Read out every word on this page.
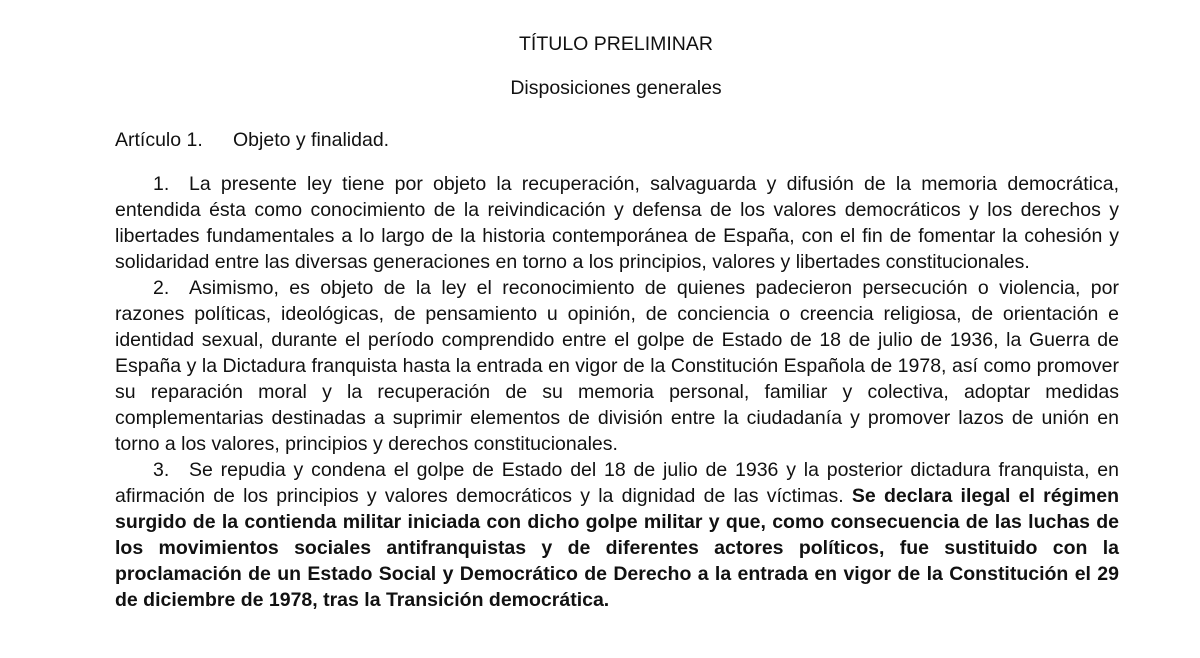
TÍTULO PRELIMINAR
Disposiciones generales
Artículo 1. Objeto y finalidad.

1. La presente ley tiene por objeto la recuperación, salvaguarda y difusión de la memoria democrática, entendida ésta como conocimiento de la reivindicación y defensa de los valores democráticos y los derechos y libertades fundamentales a lo largo de la historia contemporánea de España, con el fin de fomentar la cohesión y solidaridad entre las diversas generaciones en torno a los principios, valores y libertades constitucionales.

2. Asimismo, es objeto de la ley el reconocimiento de quienes padecieron persecución o violencia, por razones políticas, ideológicas, de pensamiento u opinión, de conciencia o creencia religiosa, de orientación e identidad sexual, durante el período comprendido entre el golpe de Estado de 18 de julio de 1936, la Guerra de España y la Dictadura franquista hasta la entrada en vigor de la Constitución Española de 1978, así como promover su reparación moral y la recuperación de su memoria personal, familiar y colectiva, adoptar medidas complementarias destinadas a suprimir elementos de división entre la ciudadanía y promover lazos de unión en torno a los valores, principios y derechos constitucionales.

3. Se repudia y condena el golpe de Estado del 18 de julio de 1936 y la posterior dictadura franquista, en afirmación de los principios y valores democráticos y la dignidad de las víctimas. Se declara ilegal el régimen surgido de la contienda militar iniciada con dicho golpe militar y que, como consecuencia de las luchas de los movimientos sociales antifranquistas y de diferentes actores políticos, fue sustituido con la proclamación de un Estado Social y Democrático de Derecho a la entrada en vigor de la Constitución el 29 de diciembre de 1978, tras la Transición democrática.
